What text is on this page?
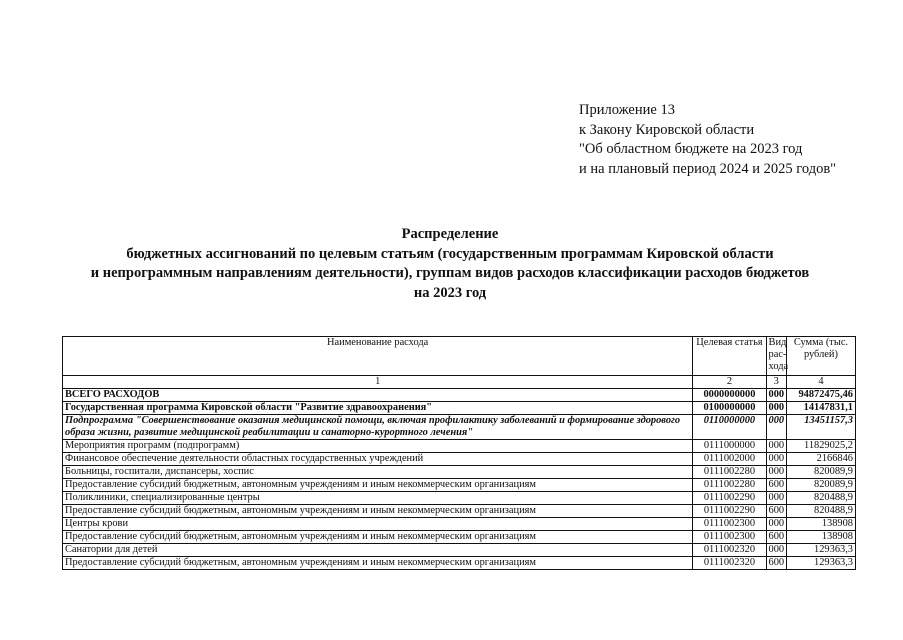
Приложение 13
к Закону Кировской области
"Об областном бюджете на 2023 год
и на плановый период 2024 и 2025 годов"
Распределение
бюджетных ассигнований по целевым статьям (государственным программам Кировской области
и непрограммным направлениям деятельности), группам видов расходов классификации расходов бюджетов
на 2023 год
Наименование расхода	Целевая статья	Вид рас-хода	Сумма (тыс. рублей)
1	2	3	4
ВСЕГО РАСХОДОВ	0000000000	000	94872475,46
Государственная программа Кировской области "Развитие здравоохранения"	0100000000	000	14147831,1
Подпрограмма "Совершенствование оказания медицинской помощи, включая профилактику заболеваний и формирование здорового образа жизни, развитие медицинской реабилитации и санаторно-курортного лечения"	0110000000	000	13451157,3
Мероприятия программ (подпрограмм)	0111000000	000	11829025,2
Финансовое обеспечение деятельности областных государственных учреждений	0111002000	000	2166846
Больницы, госпитали, диспансеры, хоспис	0111002280	000	820089,9
Предоставление субсидий бюджетным, автономным учреждениям и иным некоммерческим организациям	0111002280	600	820089,9
Поликлиники, специализированные центры	0111002290	000	820488,9
Предоставление субсидий бюджетным, автономным учреждениям и иным некоммерческим организациям	0111002290	600	820488,9
Центры крови	0111002300	000	138908
Предоставление субсидий бюджетным, автономным учреждениям и иным некоммерческим организациям	0111002300	600	138908
Санатории для детей	0111002320	000	129363,3
Предоставление субсидий бюджетным, автономным учреждениям и иным некоммерческим организациям	0111002320	600	129363,3
